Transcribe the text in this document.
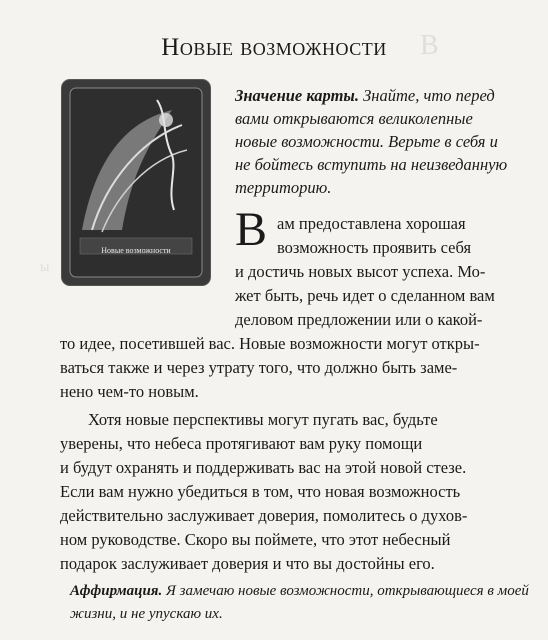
B
ы
Новые возможности
Новые возможности
Значение карты. Знайте, что перед вами открываются великолепные новые возможности. Верьте в себя и не бойтесь вступить на неизведанную территорию.
В ам предоставлена хорошая
возможность проявить себя
и достичь новых высот успеха. Мо-
жет быть, речь идет о сделанном вам
деловом предложении или о какой-
то идее, посетившей вас. Новые возможности могут откры-
ваться также и через утрату того, что должно быть заме-
нено чем-то новым.
Хотя новые перспективы могут пугать вас, будьте
уверены, что небеса протягивают вам руку помощи
и будут охранять и поддерживать вас на этой новой стезе.
Если вам нужно убедиться в том, что новая возможность
действительно заслуживает доверия, помолитесь о духов-
ном руководстве. Скоро вы поймете, что этот небесный
подарок заслуживает доверия и что вы достойны его.
Аффирмация. Я замечаю новые возможности, открывающиеся в моей жизни, и не упускаю их.
